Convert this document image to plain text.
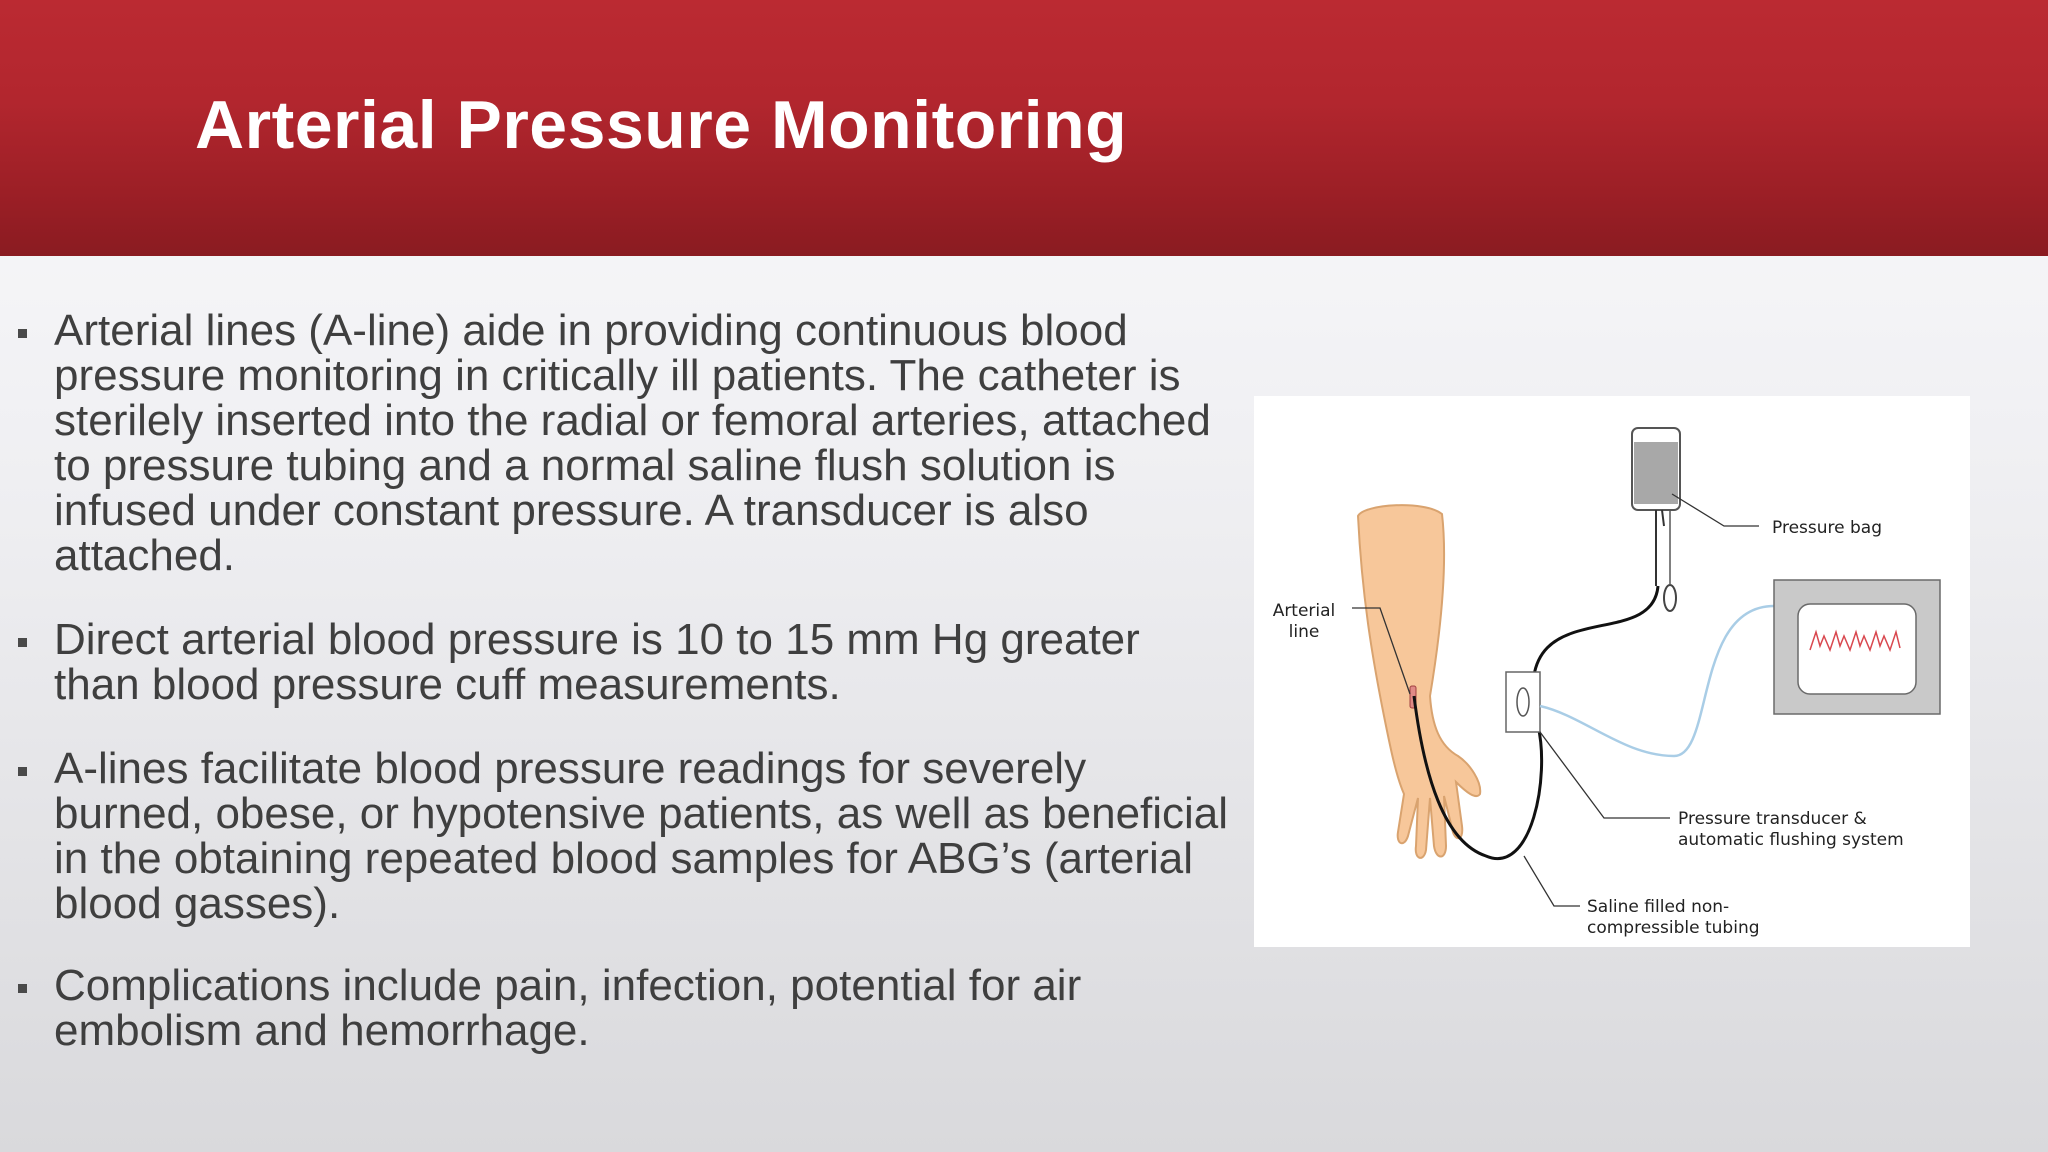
Arterial Pressure Monitoring
Arterial lines (A-line) aide in providing continuous blood pressure monitoring in critically ill patients. The catheter is sterilely inserted into the radial or femoral arteries, attached to pressure tubing and a normal saline flush solution is infused under constant pressure. A transducer is also attached.
Direct arterial blood pressure is 10 to 15 mm Hg greater than blood pressure cuff measurements.
A-lines facilitate blood pressure readings for severely burned, obese, or hypotensive patients, as well as beneficial in the obtaining repeated blood samples for ABG’s (arterial blood gasses).
Complications include pain, infection, potential for air embolism and hemorrhage.
Pressure bag
Arterial
line
Pressure transducer &
automatic flushing system
Saline filled non-
compressible tubing
